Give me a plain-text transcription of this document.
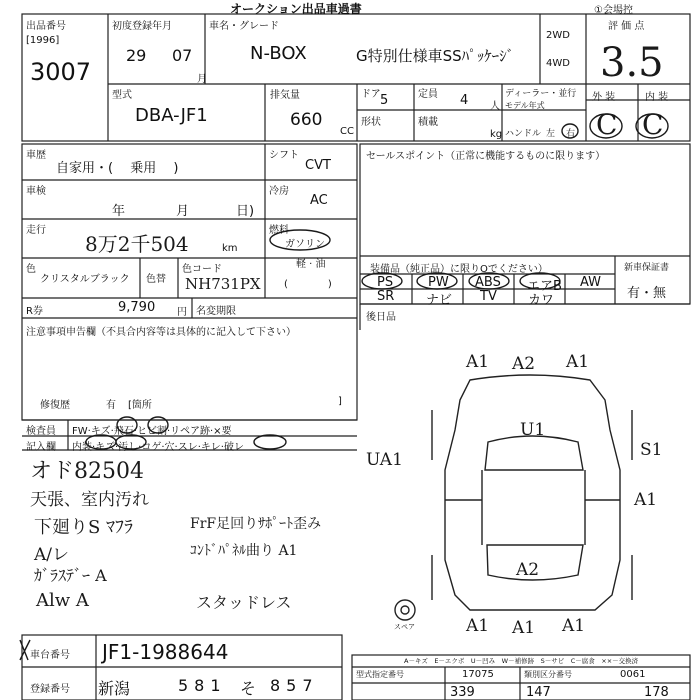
出品番号
[1996]
3007
オークション出品車過書	①会場控
初度登録年月
29 07
月
車名・グレード
N-BOX	G特別仕様車SSﾊﾟｯｹｰｼﾞ
2WD
4WD
評 価 点
3.5
型式
DBA-JF1
排気量
660
CC
ドア 5	定員 4 人
形状	積載
kg
ディーラー・並行
モデル年式
ハンドル 左 右
外 装	内 装
C C
車歴
自家用・(　 乗用　 )
シフト
CVT
車検
年	月	日)
冷房
AC
走行
8万2千504	km
燃料
ガソリン
軽 · 油
(　　　　)
色
クリスタルブラック 色替
色コード
NH731PX
R券	9,790 円 名変期限
注意事項申告欄（不具合内容等は具体的に記入して下さい）
修復歴	有 [箇所	]
検査員
記入欄
FW·キズ·飛石·ヒビ割·リペア跡·×要
内装·キズ·汚し·コゲ·穴·スレ·キレ·破レ
オド82504
天張、室内汚れ
下廻りS ﾏﾌﾗ
A/レ
ｶﾞﾗｽﾃﾞｰ A
Alw A
FrF足回りｻﾎﾟｰﾄ歪み
ｺﾝﾄﾞﾊﾟﾈﾙ曲り A1
スタッドレス
セールスポイント（正常に機能するものに限ります）
装備品（純正品）に限りOでください）
PS	PW ABS エアB AW
SR ナビ TV カワ
新車保証書
有・無
後日品
A1 A2 A1
S1
UA1
U1
A1
A2
A1 A1 A1
スペア
車台番号 JF1-1988644
登録番号 新潟	581 そ 857
A－キズ　E－エクボ　U－凹み　W－補修跡　S－サビ　C－腐食　××－交換済
型式指定番号	17075	類別区分番号	0061
339	147	178
